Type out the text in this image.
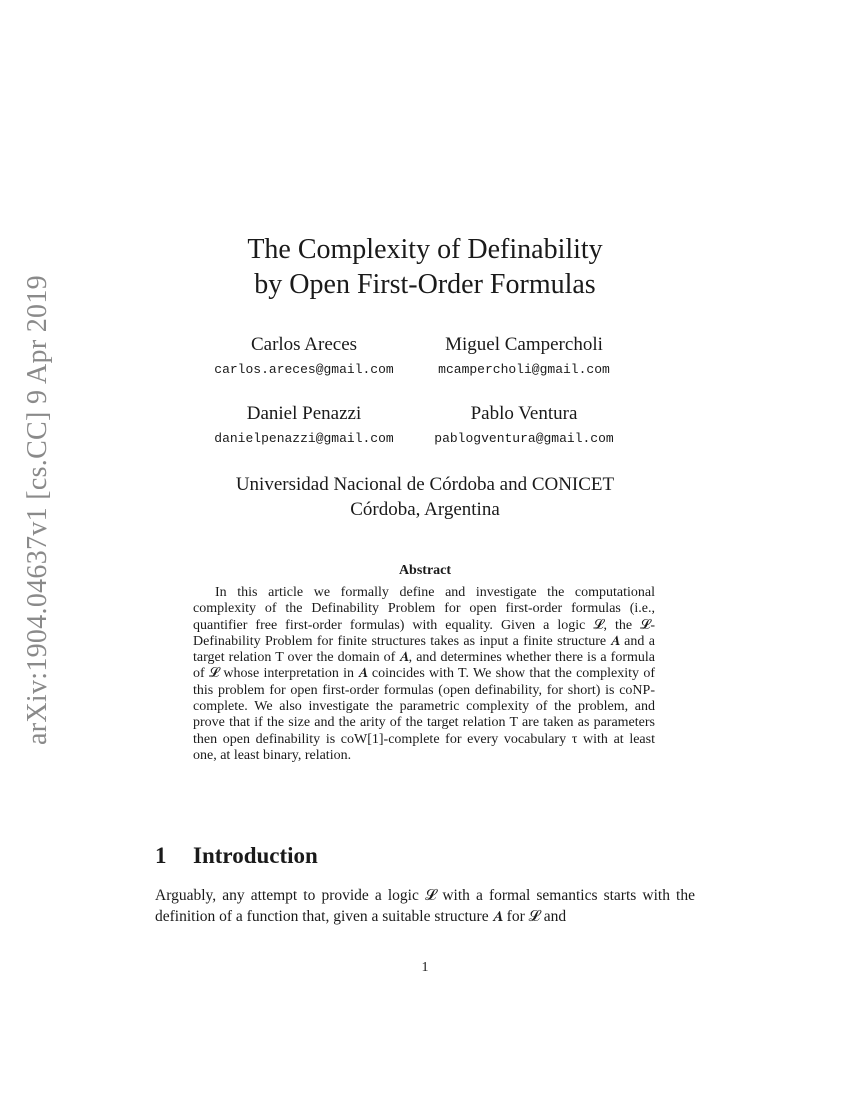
arXiv:1904.04637v1 [cs.CC] 9 Apr 2019
The Complexity of Definability
by Open First-Order Formulas
Carlos Areces
carlos.areces@gmail.com
Miguel Campercholi
mcampercholi@gmail.com
Daniel Penazzi
danielpenazzi@gmail.com
Pablo Ventura
pablogventura@gmail.com
Universidad Nacional de Córdoba and CONICET
Córdoba, Argentina
Abstract
In this article we formally define and investigate the computational complexity of the Definability Problem for open first-order formulas (i.e., quantifier free first-order formulas) with equality. Given a logic 𝓛, the 𝓛-Definability Problem for finite structures takes as input a finite structure 𝑨 and a target relation T over the domain of 𝑨, and determines whether there is a formula of 𝓛 whose interpretation in 𝑨 coincides with T. We show that the complexity of this problem for open first-order formulas (open definability, for short) is coNP-complete. We also investigate the parametric complexity of the problem, and prove that if the size and the arity of the target relation T are taken as parameters then open definability is coW[1]-complete for every vocabulary τ with at least one, at least binary, relation.
1 Introduction
Arguably, any attempt to provide a logic 𝓛 with a formal semantics starts with the definition of a function that, given a suitable structure 𝑨 for 𝓛 and
1
